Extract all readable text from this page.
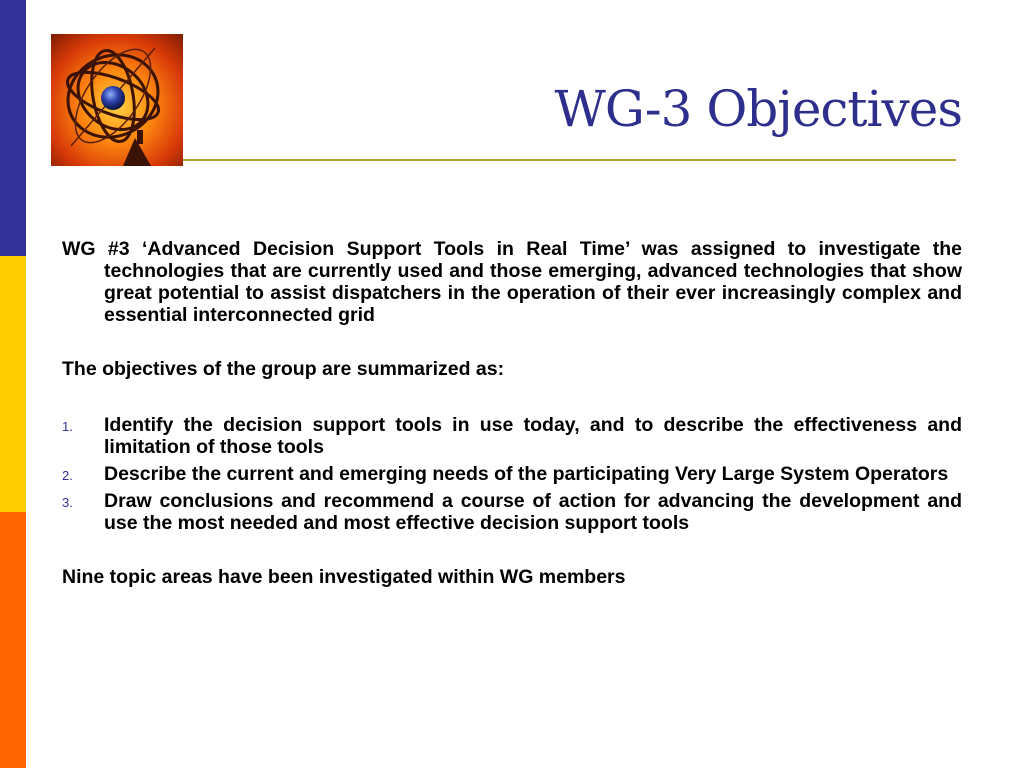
WG-3 Objectives

WG #3 ‘Advanced Decision Support Tools in Real Time’ was assigned to investigate the technologies that are currently used and those emerging, advanced technologies that show great potential to assist dispatchers in the operation of their ever increasingly complex and essential interconnected grid

The objectives of the group are summarized as:

1. Identify the decision support tools in use today, and to describe the effectiveness and limitation of those tools
2. Describe the current and emerging needs of the participating Very Large System Operators
3. Draw conclusions and recommend a course of action for advancing the development and use the most needed and most effective decision support tools

Nine topic areas have been investigated within WG members
